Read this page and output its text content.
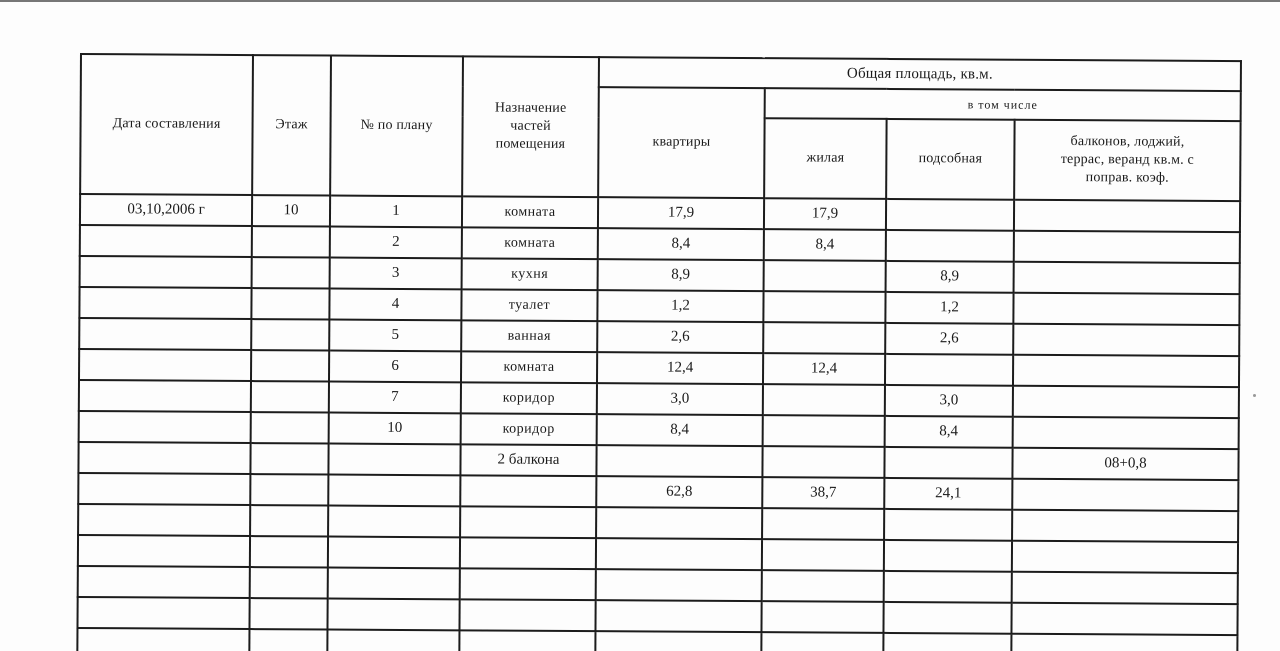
Дата составления	Этаж	№ по плану	Назначение
частей
помещения	Общая площадь, кв.м.			
				квартиры	в том числе		
					жилая	подсобная	балконов, лоджий,
террас, веранд кв.м. с
попрaв. коэф.

03,10,2006 г	10	1	комната	17,9	17,9		
		2	комната	8,4	8,4		
		3	кухня	8,9		8,9	
		4	туалет	1,2		1,2	
		5	ванная	2,6		2,6	
		6	комната	12,4	12,4		
		7	коридор	3,0		3,0	
		10	коридор	8,4		8,4	
			2 балкона				08+0,8
				62,8	38,7	24,1	
